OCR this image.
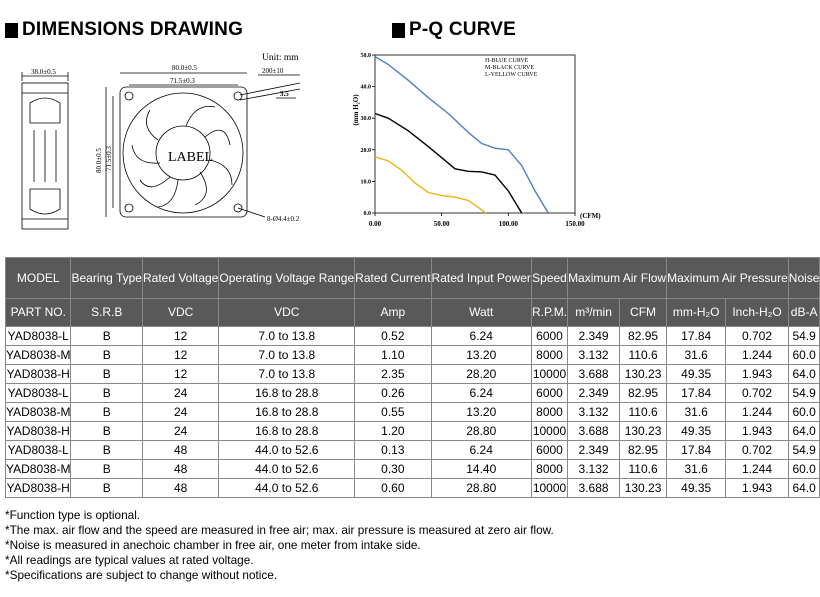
DIMENSIONS DRAWING	P-Q CURVE
Unit: mm
38.0±0.5
LABEL
80.0±0.5
71.5±0.3
80.0±0.5 71.5±0.3
200±10
3.5
8-Ø4.4±0.2
0.0
10.0
20.0
30.0
40.0
50.0
0.00	50.00	100.00	150.00
H-BLUE CURVE
M-BLACK CURVE
L-YELLOW CURVE
(mm H₂O)
(CFM)
MODEL	Bearing Type	Rated Voltage	Operating Voltage Range	Rated Current	Rated Input Power	Speed	Maximum Air Flow		Maximum Air Pressure		Noise
PART NO.	S.R.B	VDC	VDC	Amp	Watt	R.P.M.	m³/min	CFM	mm-H₂O	Inch-H₂O	dB-A
YAD8038-L	B	12	7.0 to 13.8	0.52	6.24	6000	2.349	82.95	17.84	0.702	54.9
YAD8038-M	B	12	7.0 to 13.8	1.10	13.20	8000	3.132	110.6	31.6	1.244	60.0
YAD8038-H	B	12	7.0 to 13.8	2.35	28.20	10000	3.688	130.23	49.35	1.943	64.0
YAD8038-L	B	24	16.8 to 28.8	0.26	6.24	6000	2.349	82.95	17.84	0.702	54.9
YAD8038-M	B	24	16.8 to 28.8	0.55	13.20	8000	3.132	110.6	31.6	1.244	60.0
YAD8038-H	B	24	16.8 to 28.8	1.20	28.80	10000	3.688	130.23	49.35	1.943	64.0
YAD8038-L	B	48	44.0 to 52.6	0.13	6.24	6000	2.349	82.95	17.84	0.702	54.9
YAD8038-M	B	48	44.0 to 52.6	0.30	14.40	8000	3.132	110.6	31.6	1.244	60.0
YAD8038-H	B	48	44.0 to 52.6	0.60	28.80	10000	3.688	130.23	49.35	1.943	64.0
*Function type is optional.
*The max. air flow and the speed are measured in free air; max. air pressure is measured at zero air flow.
*Noise is measured in anechoic chamber in free air, one meter from intake side.
*All readings are typical values at rated voltage.
*Specifications are subject to change without notice.
